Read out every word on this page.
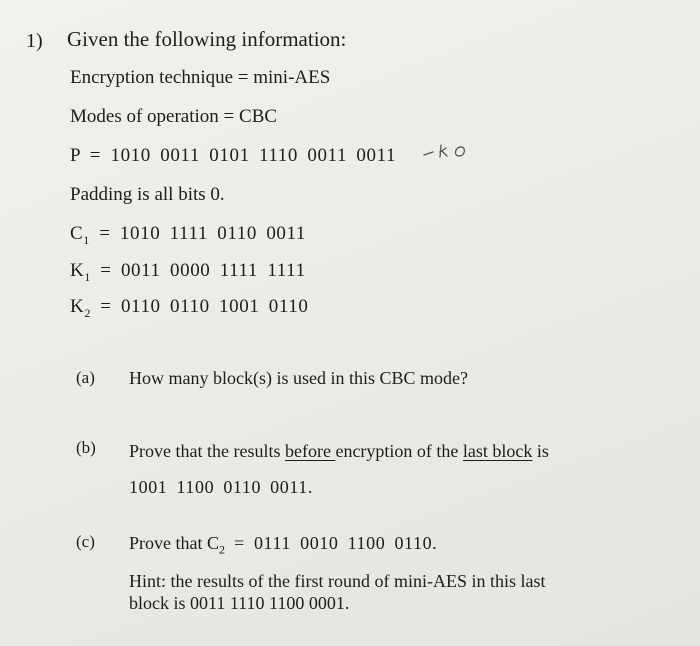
1) Given the following information:
Encryption technique = mini-AES
Modes of operation = CBC
P = 1010 0011 0101 1110 0011 0011
Padding is all bits 0.
$C_1 = 1010$ 1111 0110 0011
$K_1 = 0011$ 0000 1111 1111
$K_2 = 0110$ 0110 1001 0110
(a) How many block(s) is used in this CBC mode?
(b) Prove that the results before encryption of the last block is
1001 1100 0110 0011.
(c) Prove that $C_2 = 0111$ 0010 1100 0110.
Hint: the results of the first round of mini-AES in this last
block is 0011 1110 1100 0001.
